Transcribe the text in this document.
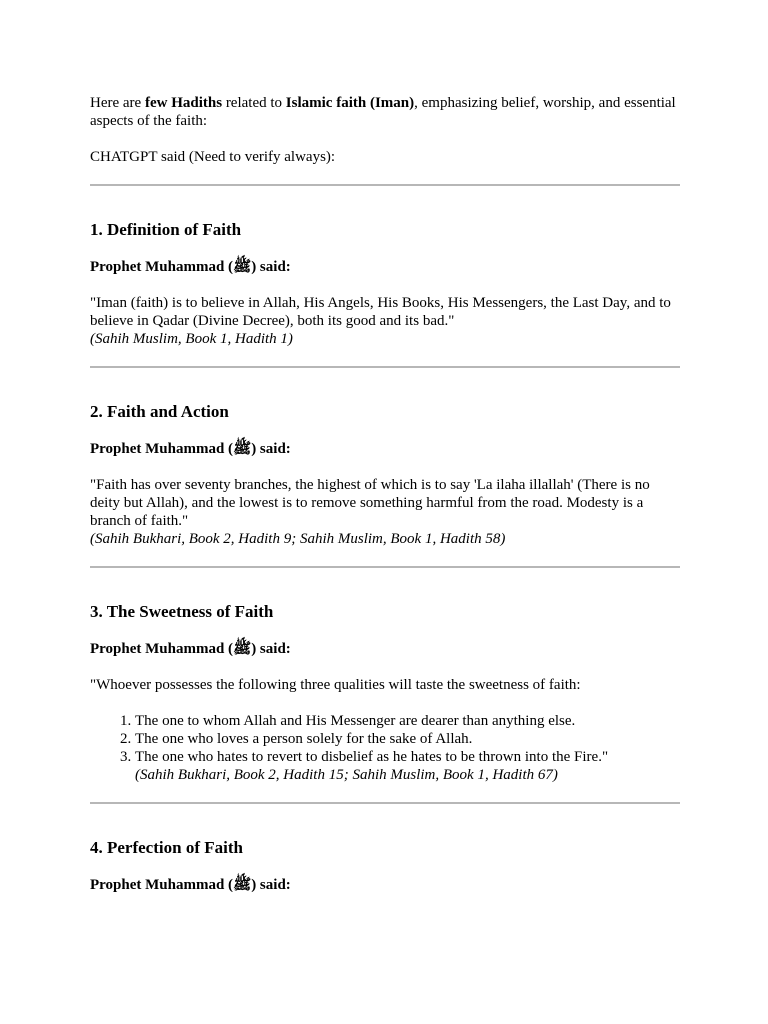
Here are few Hadiths related to Islamic faith (Iman), emphasizing belief, worship, and essential aspects of the faith:

CHATGPT said (Need to verify always):

1. Definition of Faith

Prophet Muhammad (ﷺ) said:

"Iman (faith) is to believe in Allah, His Angels, His Books, His Messengers, the Last Day, and to believe in Qadar (Divine Decree), both its good and its bad."

(Sahih Muslim, Book 1, Hadith 1)

2. Faith and Action

Prophet Muhammad (ﷺ) said:

"Faith has over seventy branches, the highest of which is to say 'La ilaha illallah' (There is no deity but Allah), and the lowest is to remove something harmful from the road. Modesty is a branch of faith."

(Sahih Bukhari, Book 2, Hadith 9; Sahih Muslim, Book 1, Hadith 58)

3. The Sweetness of Faith

Prophet Muhammad (ﷺ) said:

"Whoever possesses the following three qualities will taste the sweetness of faith:

1. The one to whom Allah and His Messenger are dearer than anything else.
2. The one who loves a person solely for the sake of Allah.
3. The one who hates to revert to disbelief as he hates to be thrown into the Fire."

(Sahih Bukhari, Book 2, Hadith 15; Sahih Muslim, Book 1, Hadith 67)
4. Perfection of Faith

Prophet Muhammad (ﷺ) said:
